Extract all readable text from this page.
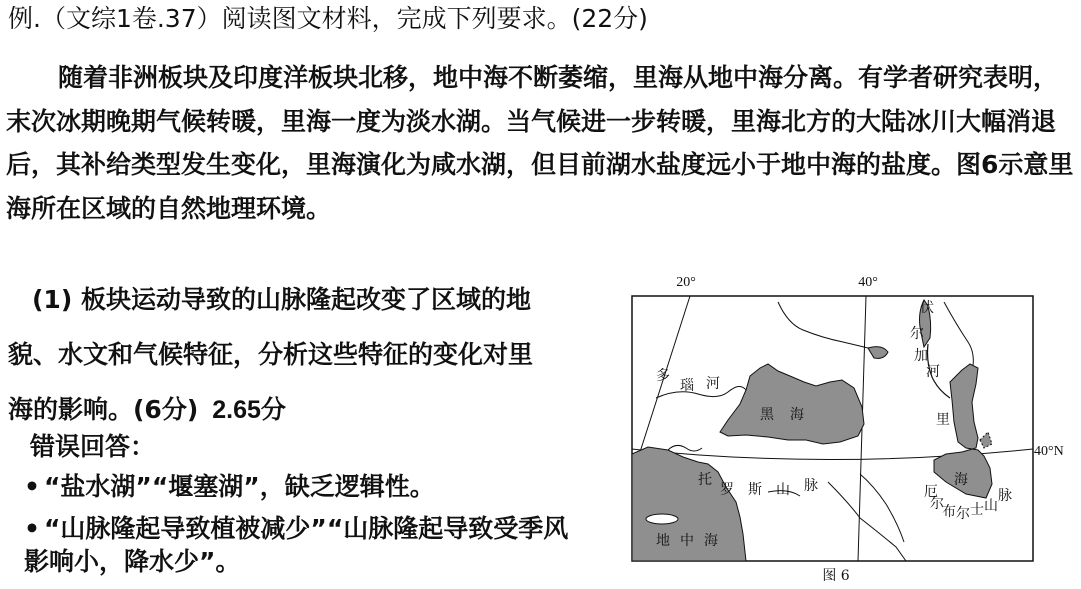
例.（文综1卷.37）阅读图文材料，完成下列要求。(22分)
随着非洲板块及印度洋板块北移，地中海不断萎缩，里海从地中海分离。有学者研究表明，末次冰期晚期气候转暖，里海一度为淡水湖。当气候进一步转暖，里海北方的大陆冰川大幅消退后，其补给类型发生变化，里海演化为咸水湖，但目前湖水盐度远小于地中海的盐度。图6示意里海所在区域的自然地理环境。
(1) 板块运动导致的山脉隆起改变了区域的地貌、水文和气候特征，分析这些特征的变化对里海的影响。(6分) 2.65分
错误回答：
• “盐水湖”“堰塞湖”，缺乏逻辑性。
• “山脉隆起导致植被减少”“山脉隆起导致受季风影响小，降水少”。
20°	40°
40°N
多
瑙 河
黑 海
伏
尔
加
河
里
海
托
罗 斯 山 脉	厄
尔
布 尔 士 山
脉
地 中 海
图 6
